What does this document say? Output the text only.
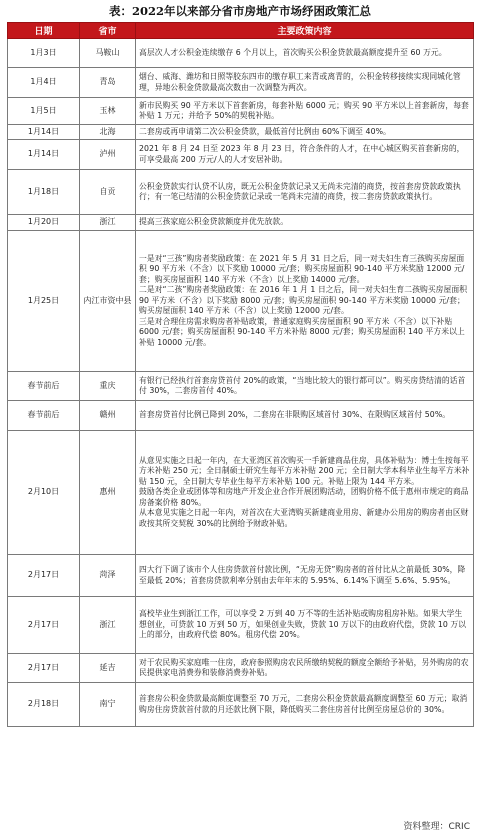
表：2022年以来部分省市房地产市场纾困政策汇总
日期	省市	主要政策内容
1月3日	马鞍山	高层次人才公积金连续缴存 6 个月以上，首次购买公积金贷款最高额度提升至 60 万元。

1月4日	青岛	烟台、威海、潍坊和日照等胶东四市的缴存职工来青或离青的，公积金转移接续实现同城化管理，异地公积金贷款最高次数由一次调整为两次。

1月5日	玉林	新市民购买 90 平方米以下首套新房，每套补贴 6000 元；购买 90 平方米以上首套新房，每套补贴 1 万元；并给予 50%的契税补贴。

1月14日	北海	二套房或再申请第二次公积金贷款，最低首付比例由 60%下调至 40%。

1月14日	泸州	2021 年 8 月 24 日至 2023 年 8 月 23 日，符合条件的人才，在中心城区购买首套新房的，可享受最高 200 万元/人的人才安居补助。

1月18日	自贡	公积金贷款实行认贷不认房，既无公积金贷款记录又无尚未完清的商贷，按首套房贷款政策执行；有一笔已结清的公积金贷款记录或一笔尚未完清的商贷，按二套房贷款政策执行。

1月20日	浙江	提高三孩家庭公积金贷款额度并优先放款。

1月25日	内江市资中县	一是对“三孩”购房者奖励政策：在 2021 年 5 月 31 日之后，同一对夫妇生育三孩购买房屋面积 90 平方米（不含）以下奖励 10000 元/套；购买房屋面积 90-140 平方米奖励 12000 元/套；购买房屋面积 140 平方米（不含）以上奖励 14000 元/套。
二是对“二孩”购房者奖励政策：在 2016 年 1 月 1 日之后，同一对夫妇生育二孩购买房屋面积 90 平方米（不含）以下奖励 8000 元/套；购买房屋面积 90-140 平方米奖励 10000 元/套；购买房屋面积 140 平方米（不含）以上奖励 12000 元/套。
三是对合理住房需求购房者补贴政策，普通家庭购买房屋面积 90 平方米（不含）以下补贴 6000 元/套；购买房屋面积 90-140 平方米补贴 8000 元/套；购买房屋面积 140 平方米以上补贴 10000 元/套。

春节前后	重庆	有银行已经执行首套房贷首付 20%的政策，“当地比较大的银行都可以”。购买房贷结清的话首付 30%，二套房首付 40%。

春节前后	赣州	首套房贷首付比例已降到 20%，二套房在非限购区域首付 30%、在限购区域首付 50%。

2月10日	惠州	从意见实施之日起一年内，在大亚湾区首次购买一手新建商品住房，具体补贴为：博士生按每平方米补贴 250 元；全日制硕士研究生每平方米补贴 200 元；全日制大学本科毕业生每平方米补贴 150 元，全日制大专毕业生每平方米补贴 100 元。补贴上限为 144 平方米。
鼓励各类企业或团体等和房地产开发企业合作开展团购活动，团购价格不低于惠州市规定的商品房备案价格 80%。
从本意见实施之日起一年内，对首次在大亚湾购买新建商业用房、新建办公用房的购房者由区财政按其所交契税 30%的比例给予财政补贴。

2月17日	菏泽	四大行下调了该市个人住房贷款首付款比例，“无房无贷”购房者的首付比从之前最低 30%，降至最低 20%；首套房贷款利率分别由去年年末的 5.95%、6.14%下调至 5.6%、5.95%。

2月17日	浙江	高校毕业生到浙江工作，可以享受 2 万到 40 万不等的生活补贴或购房租房补贴。如果大学生想创业，可贷款 10 万到 50 万，如果创业失败，贷款 10 万以下的由政府代偿，贷款 10 万以上的部分，由政府代偿 80%。租房代偿 20%。

2月17日	延吉	对于农民购买家庭唯一住房，政府参照购房农民所缴纳契税的额度全额给予补贴，另外购房的农民提供家电消费券和装修消费券补贴。

2月18日	南宁	首套房公积金贷款最高额度调整至 70 万元，二套房公积金贷款最高额度调整至 60 万元；取消购房住房贷款首付款的月还款比例下限，降低购买二套住房首付比例至房屋总价的 30%。
资料整理：CRIC
